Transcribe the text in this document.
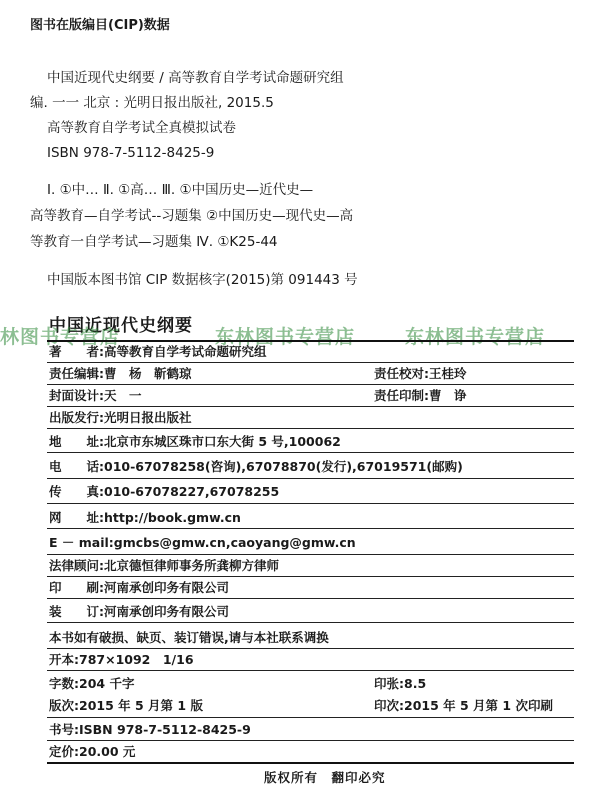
图书在版编目(CIP)数据
中国近现代史纲要 / 高等教育自学考试命题研究组
编. 一一 北京 : 光明日报出版社, 2015.5
高等教育自学考试全真模拟试卷
ISBN 978-7-5112-8425-9
Ⅰ. ①中… Ⅱ. ①高… Ⅲ. ①中国历史—近代史—
高等教育—自学考试--习题集 ②中国历史—现代史—高
等教育一自学考试—习题集 Ⅳ. ①K25-44
中国版本图书馆 CIP 数据核字(2015)第 091443 号
中国近现代史纲要
林图书专营店	东林图书专营店	东林图书专营店
著　　者:高等教育自学考试命题研究组
责任编辑:曹　杨　靳鹤琼	责任校对:王桂玲
封面设计:天　一	责任印制:曹　诤
出版发行:光明日报出版社
地　　址:北京市东城区珠市口东大街 5 号,100062
电　　话:010-67078258(咨询),67078870(发行),67019571(邮购)
传　　真:010-67078227,67078255
网　　址:http://book.gmw.cn
E － mail:gmcbs@gmw.cn,caoyang@gmw.cn
法律顾问:北京德恒律师事务所龚柳方律师
印　　刷:河南承创印务有限公司
装　　订:河南承创印务有限公司
本书如有破损、缺页、装订错误,请与本社联系调换
开本:787×1092　1/16
字数:204 千字	印张:8.5
版次:2015 年 5 月第 1 版	印次:2015 年 5 月第 1 次印刷
书号:ISBN 978-7-5112-8425-9
定价:20.00 元
版权所有　翻印必究
